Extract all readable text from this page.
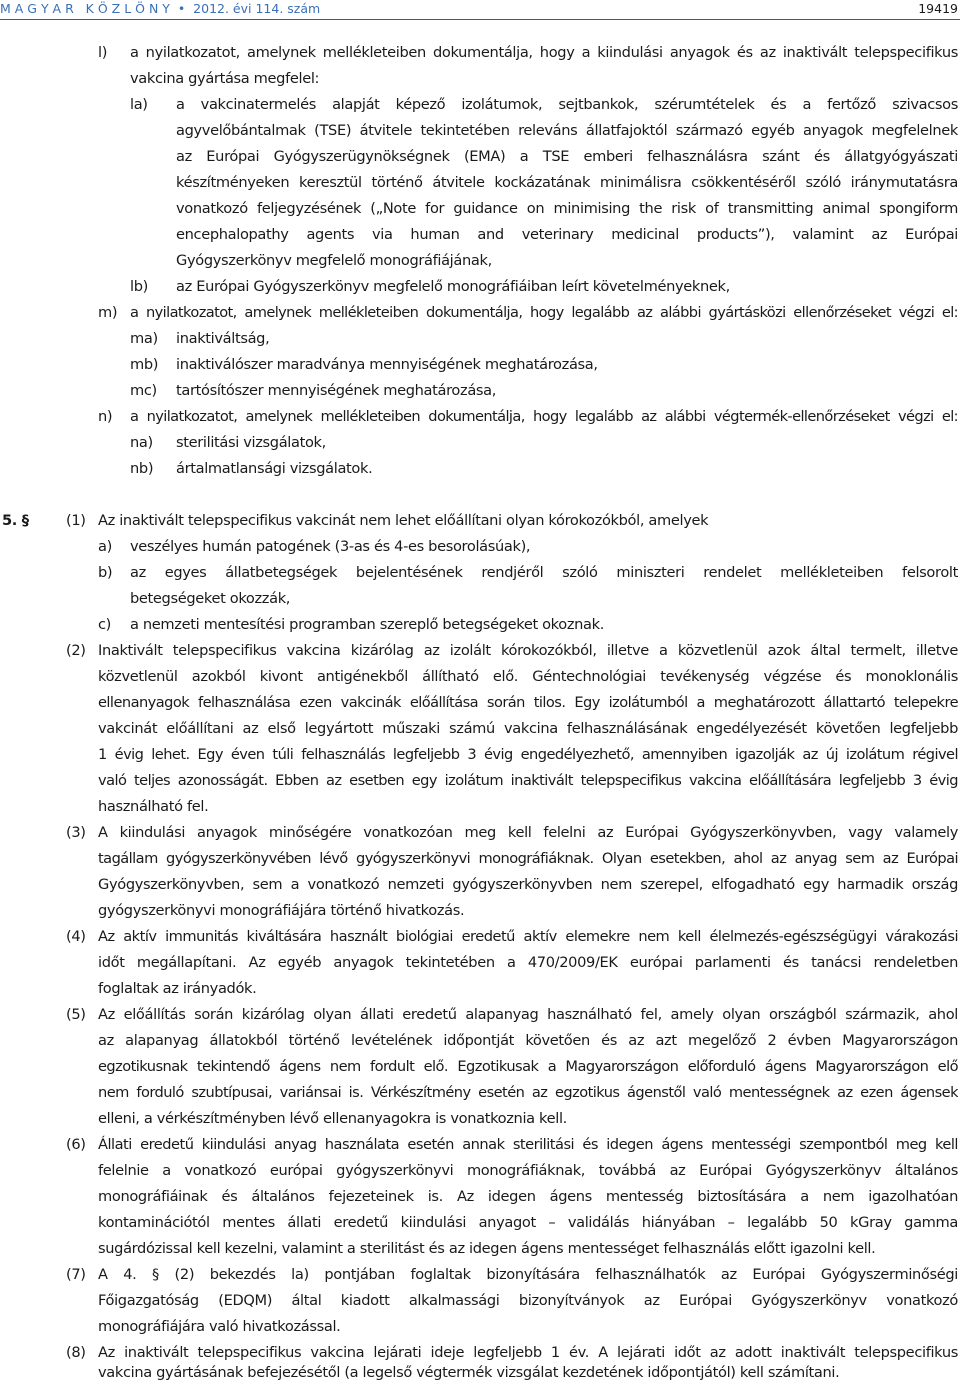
M A G Y A R   K Ö Z L Ö N Y  •  2012. évi 114. szám	19419
l) a nyilatkozatot, amelynek mellékleteiben dokumentálja, hogy a kiindulási anyagok és az inaktivált telepspecifikus
vakcina gyártása megfelel:
la) a vakcinatermelés alapját képező izolátumok, sejtbankok, szérumtételek és a fertőző szivacsos
agyvelőbántalmak (TSE) átvitele tekintetében releváns állatfajoktól származó egyéb anyagok megfelelnek
az Európai Gyógyszerügynökségnek (EMA) a TSE emberi felhasználásra szánt és állatgyógyászati
készítményeken keresztül történő átvitele kockázatának minimálisra csökkentéséről szóló iránymutatásra
vonatkozó feljegyzésének („Note for guidance on minimising the risk of transmitting animal spongiform
encephalopathy agents via human and veterinary medicinal products”), valamint az Európai
Gyógyszerkönyv megfelelő monográfiájának,
lb) az Európai Gyógyszerkönyv megfelelő monográfiáiban leírt követelményeknek,
m) a nyilatkozatot, amelynek mellékleteiben dokumentálja, hogy legalább az alábbi gyártásközi ellenőrzéseket végzi el:
ma) inaktiváltság,
mb) inaktiválószer maradványa mennyiségének meghatározása,
mc) tartósítószer mennyiségének meghatározása,
n) a nyilatkozatot, amelynek mellékleteiben dokumentálja, hogy legalább az alábbi végtermék-ellenőrzéseket végzi el:
na) sterilitási vizsgálatok,
nb) ártalmatlansági vizsgálatok.
5. §	(1) Az inaktivált telepspecifikus vakcinát nem lehet előállítani olyan kórokozókból, amelyek
a) veszélyes humán patogének (3-as és 4-es besorolásúak),
b) az egyes állatbetegségek bejelentésének rendjéről szóló miniszteri rendelet mellékleteiben felsorolt
betegségeket okozzák,
c) a nemzeti mentesítési programban szereplő betegségeket okoznak.
(2) Inaktivált telepspecifikus vakcina kizárólag az izolált kórokozókból, illetve a közvetlenül azok által termelt, illetve
közvetlenül azokból kivont antigénekből állítható elő. Géntechnológiai tevékenység végzése és monoklonális
ellenanyagok felhasználása ezen vakcinák előállítása során tilos. Egy izolátumból a meghatározott állattartó telepekre
vakcinát előállítani az első legyártott műszaki számú vakcina felhasználásának engedélyezését követően legfeljebb
1 évig lehet. Egy éven túli felhasználás legfeljebb 3 évig engedélyezhető, amennyiben igazolják az új izolátum régivel
való teljes azonosságát. Ebben az esetben egy izolátum inaktivált telepspecifikus vakcina előállítására legfeljebb 3 évig
használható fel.
(3) A kiindulási anyagok minőségére vonatkozóan meg kell felelni az Európai Gyógyszerkönyvben, vagy valamely
tagállam gyógyszerkönyvében lévő gyógyszerkönyvi monográfiáknak. Olyan esetekben, ahol az anyag sem az Európai
Gyógyszerkönyvben, sem a vonatkozó nemzeti gyógyszerkönyvben nem szerepel, elfogadható egy harmadik ország
gyógyszerkönyvi monográfiájára történő hivatkozás.
(4) Az aktív immunitás kiváltására használt biológiai eredetű aktív elemekre nem kell élelmezés-egészségügyi várakozási
időt megállapítani. Az egyéb anyagok tekintetében a 470/2009/EK európai parlamenti és tanácsi rendeletben
foglaltak az irányadók.
(5) Az előállítás során kizárólag olyan állati eredetű alapanyag használható fel, amely olyan országból származik, ahol
az alapanyag állatokból történő levételének időpontját követően és az azt megelőző 2 évben Magyarországon
egzotikusnak tekintendő ágens nem fordult elő. Egzotikusak a Magyarországon előforduló ágens Magyarországon elő
nem forduló szubtípusai, variánsai is. Vérkészítmény esetén az egzotikus ágenstől való mentességnek az ezen ágensek
elleni, a vérkészítményben lévő ellenanyagokra is vonatkoznia kell.
(6) Állati eredetű kiindulási anyag használata esetén annak sterilitási és idegen ágens mentességi szempontból meg kell
felelnie a vonatkozó európai gyógyszerkönyvi monográfiáknak, továbbá az Európai Gyógyszerkönyv általános
monográfiáinak és általános fejezeteinek is. Az idegen ágens mentesség biztosítására a nem igazolhatóan
kontaminációtól mentes állati eredetű kiindulási anyagot – validálás hiányában – legalább 50 kGray gamma
sugárdózissal kell kezelni, valamint a sterilitást és az idegen ágens mentességet felhasználás előtt igazolni kell.
(7) A 4. § (2) bekezdés la) pontjában foglaltak bizonyítására felhasználhatók az Európai Gyógyszerminőségi
Főigazgatóság (EDQM) által kiadott alkalmassági bizonyítványok az Európai Gyógyszerkönyv vonatkozó
monográfiájára való hivatkozással.
(8) Az inaktivált telepspecifikus vakcina lejárati ideje legfeljebb 1 év. A lejárati időt az adott inaktivált telepspecifikus
vakcina gyártásának befejezésétől (a legelső végtermék vizsgálat kezdetének időpontjától) kell számítani.
